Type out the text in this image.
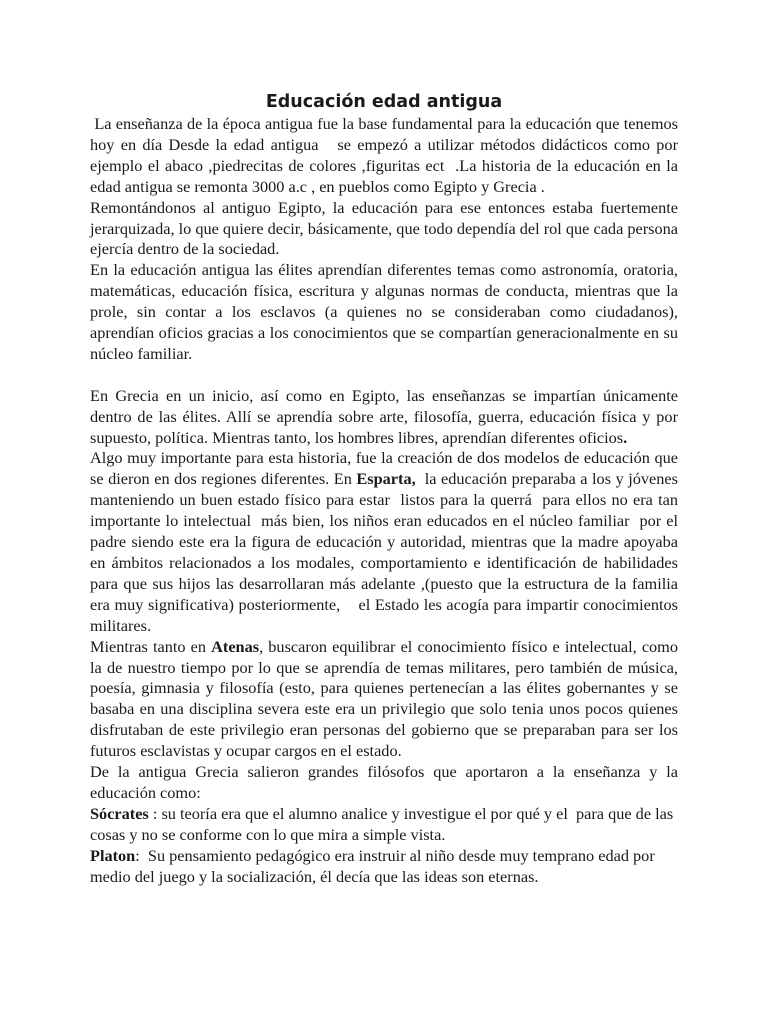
Educación edad antigua

La enseñanza de la época antigua fue la base fundamental para la educación que tenemos hoy en día Desde la edad antigua   se empezó a utilizar métodos didácticos como por ejemplo el abaco ,piedrecitas de colores ,figuritas ect  .La historia de la educación en la edad antigua se remonta 3000 a.c , en pueblos como Egipto y Grecia .

Remontándonos al antiguo Egipto, la educación para ese entonces estaba fuertemente jerarquizada, lo que quiere decir, básicamente, que todo dependía del rol que cada persona ejercía dentro de la sociedad.

En la educación antigua las élites aprendían diferentes temas como astronomía, oratoria, matemáticas, educación física, escritura y algunas normas de conducta, mientras que la prole, sin contar a los esclavos (a quienes no se consideraban como ciudadanos), aprendían oficios gracias a los conocimientos que se compartían generacionalmente en su núcleo familiar.

En Grecia en un inicio, así como en Egipto, las enseñanzas se impartían únicamente dentro de las élites. Allí se aprendía sobre arte, filosofía, guerra, educación física y por supuesto, política. Mientras tanto, los hombres libres, aprendían diferentes oficios.

Algo muy importante para esta historia, fue la creación de dos modelos de educación que se dieron en dos regiones diferentes. En Esparta,  la educación preparaba a los y jóvenes manteniendo un buen estado físico para estar  listos para la querrá  para ellos no era tan importante lo intelectual  más bien, los niños eran educados en el núcleo familiar  por el  padre siendo este era la figura de educación y autoridad, mientras que la madre apoyaba en ámbitos relacionados a los modales, comportamiento e identificación de habilidades para que sus hijos las desarrollaran más adelante ,(puesto que la estructura de la familia era muy significativa) posteriormente,    el Estado les acogía para impartir conocimientos militares.

Mientras tanto en Atenas, buscaron equilibrar el conocimiento físico e intelectual, como la de nuestro tiempo por lo que se aprendía de temas militares, pero también de música, poesía, gimnasia y filosofía (esto, para quienes pertenecían a las élites gobernantes y se basaba en una disciplina severa este era un privilegio que solo tenia unos pocos quienes disfrutaban de este privilegio eran personas del gobierno que se preparaban para ser los futuros esclavistas y ocupar cargos en el estado.

De la antigua Grecia salieron grandes filósofos que aportaron a la enseñanza y la educación como:

Sócrates : su teoría era que el alumno analice y investigue el por qué y el  para que de las cosas y no se conforme con lo que mira a simple vista.

Platon:  Su pensamiento pedagógico era instruir al niño desde muy temprano edad por medio del juego y la socialización, él decía que las ideas son eternas.
